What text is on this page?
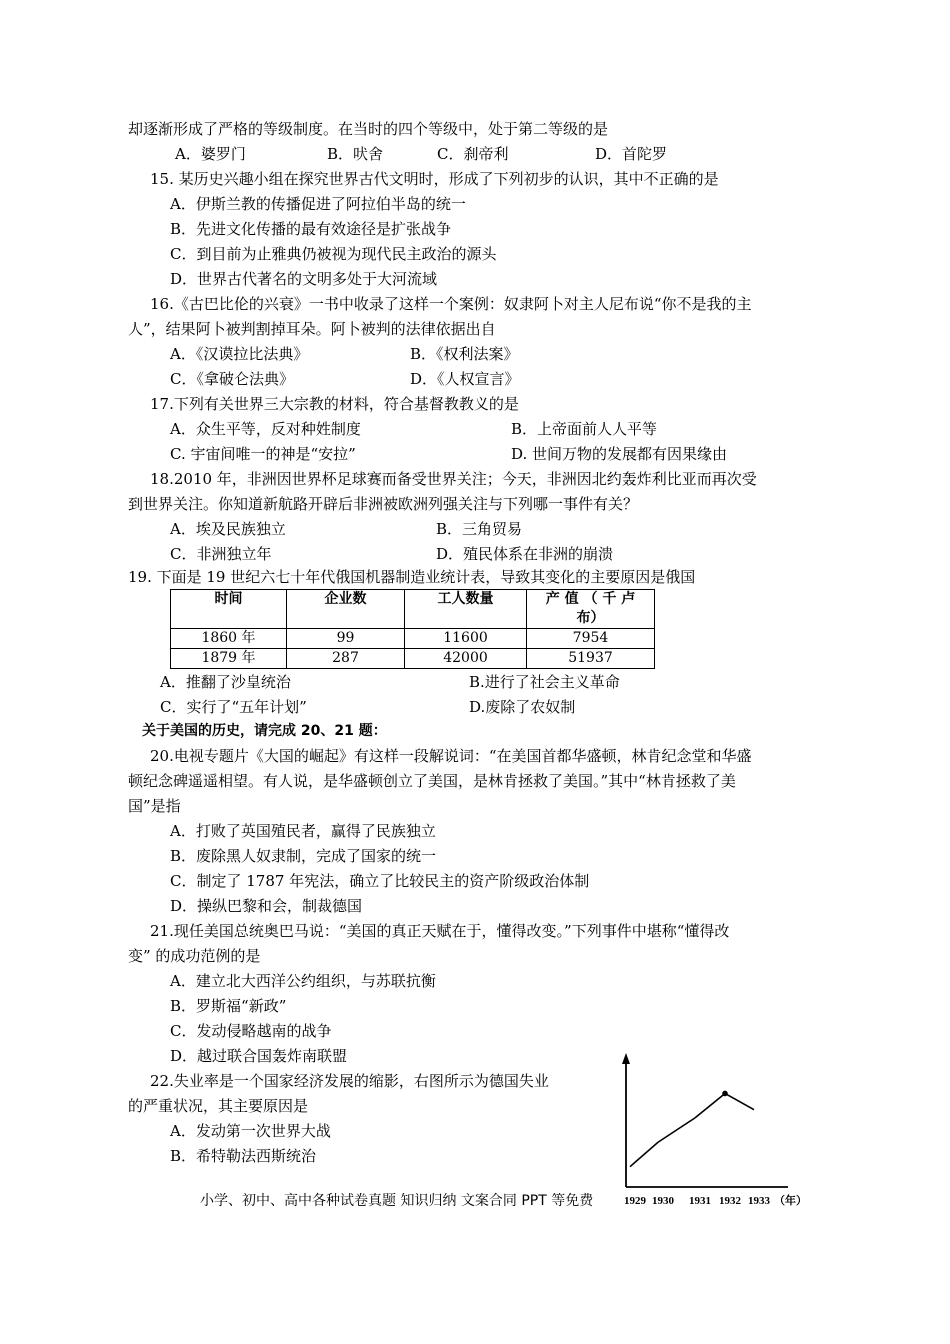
却逐渐形成了严格的等级制度。在当时的四个等级中，处于第二等级的是
A．婆罗门	B．吠舍	C．刹帝利	D．首陀罗
15. 某历史兴趣小组在探究世界古代文明时，形成了下列初步的认识，其中不正确的是
A．伊斯兰教的传播促进了阿拉伯半岛的统一
B．先进文化传播的最有效途径是扩张战争
C．到目前为止雅典仍被视为现代民主政治的源头
D．世界古代著名的文明多处于大河流域
16.《古巴比伦的兴衰》一书中收录了这样一个案例：奴隶阿卜对主人尼布说“你不是我的主
人”，结果阿卜被判割掉耳朵。阿卜被判的法律依据出自
A．《汉谟拉比法典》	B．《权利法案》
C．《拿破仑法典》	D．《人权宣言》
17.下列有关世界三大宗教的材料，符合基督教教义的是
A．众生平等，反对种姓制度	B．上帝面前人人平等
C. 宇宙间唯一的神是“安拉”	D. 世间万物的发展都有因果缘由
18.2010 年，非洲因世界杯足球赛而备受世界关注；今天，非洲因北约轰炸利比亚而再次受
到世界关注。你知道新航路开辟后非洲被欧洲列强关注与下列哪一事件有关？
A．埃及民族独立	B．三角贸易
C．非洲独立年	D．殖民体系在非洲的崩溃
19. 下面是 19 世纪六七十年代俄国机器制造业统计表，导致其变化的主要原因是俄国
时间	企业数	工人数量	产 值 （ 千 卢
布）
1860 年	99	11600	7954
1879 年	287	42000	51937
A．推翻了沙皇统治	B.进行了社会主义革命
C．实行了“五年计划”	D.废除了农奴制
关于美国的历史，请完成 20、21 题：
20.电视专题片《大国的崛起》有这样一段解说词：“在美国首都华盛顿，林肯纪念堂和华盛
顿纪念碑遥遥相望。有人说，是华盛顿创立了美国，是林肯拯救了美国。”其中“林肯拯救了美
国”是指
A．打败了英国殖民者，赢得了民族独立
B．废除黑人奴隶制，完成了国家的统一
C．制定了 1787 年宪法，确立了比较民主的资产阶级政治体制
D．操纵巴黎和会，制裁德国
21.现任美国总统奥巴马说：“美国的真正天赋在于，懂得改变。”下列事件中堪称“懂得改
变” 的成功范例的是
A．建立北大西洋公约组织，与苏联抗衡
B．罗斯福“新政”
C．发动侵略越南的战争
D．越过联合国轰炸南联盟
22.失业率是一个国家经济发展的缩影，右图所示为德国失业
的严重状况，其主要原因是
A．发动第一次世界大战
B．希特勒法西斯统治
1929 1930 1931 1932 1933 （年）
小学、初中、高中各种试卷真题 知识归纳 文案合同 PPT 等免费
